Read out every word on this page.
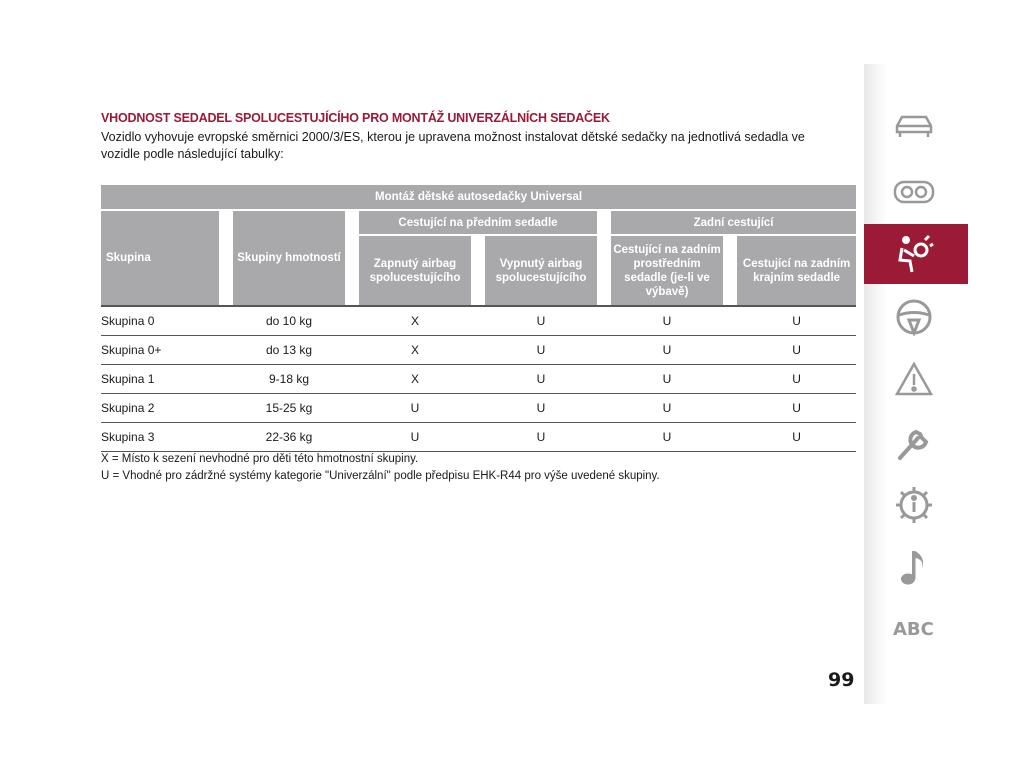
VHODNOST SEDADEL SPOLUCESTUJÍCÍHO PRO MONTÁŽ UNIVERZÁLNÍCH SEDAČEK
Vozidlo vyhovuje evropské směrnici 2000/3/ES, kterou je upravena možnost instalovat dětské sedačky na jednotlivá sedadla ve vozidle podle následující tabulky:
Montáž dětské autosedačky Universal										
Skupina		Skupiny hmotností		Cestující na předním sedadle				Zadní cestující		
				Zapnutý airbag spolucestujícího		Vypnutý airbag spolucestujícího		Cestující na zadním prostředním sedadle (je-li ve výbavě)		Cestující na zadním krajním sedadle
Skupina 0		do 10 kg		X		U		U		U
Skupina 0+		do 13 kg		X		U		U		U
Skupina 1		9-18 kg		X		U		U		U
Skupina 2		15-25 kg		U		U		U		U
Skupina 3		22-36 kg		U		U		U		U
X = Místo k sezení nevhodné pro děti této hmotnostní skupiny.
U = Vhodné pro zádržné systémy kategorie "Univerzální" podle předpisu EHK-R44 pro výše uvedené skupiny.
ABC
99
